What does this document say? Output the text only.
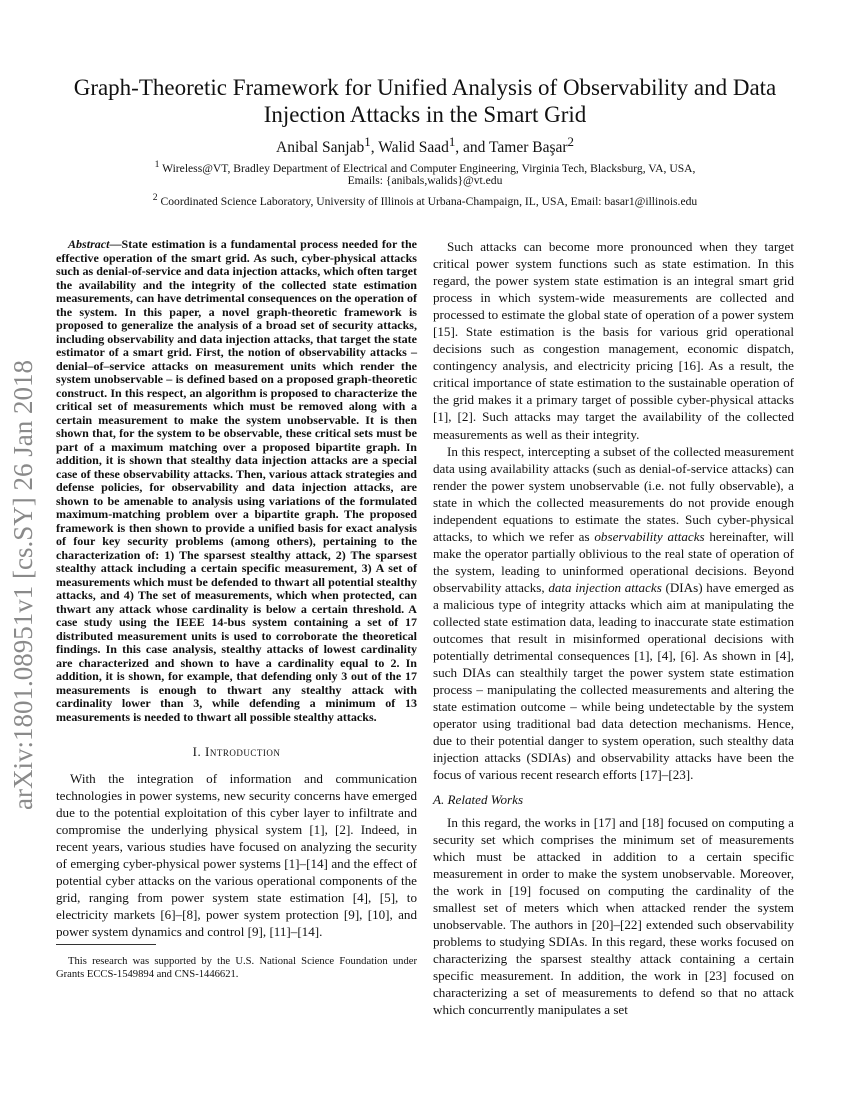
arXiv:1801.08951v1 [cs.SY] 26 Jan 2018
Graph-Theoretic Framework for Unified Analysis of Observability and Data
Injection Attacks in the Smart Grid
Anibal Sanjab$^1$, Walid Saad$^1$, and Tamer Başar$^2$
$^1$ Wireless@VT, Bradley Department of Electrical and Computer Engineering, Virginia Tech, Blacksburg, VA, USA,
Emails: {anibals,walids}@vt.edu
$^2$ Coordinated Science Laboratory, University of Illinois at Urbana-Champaign, IL, USA, Email: basar1@illinois.edu

Abstract—State estimation is a fundamental process needed for the effective operation of the smart grid. As such, cyber-physical attacks such as denial-of-service and data injection attacks, which often target the availability and the integrity of the collected state estimation measurements, can have detrimental consequences on the operation of the system. In this paper, a novel graph-theoretic framework is proposed to generalize the analysis of a broad set of security attacks, including observability and data injection attacks, that target the state estimator of a smart grid. First, the notion of observability attacks – denial–of–service attacks on measurement units which render the system unobservable – is defined based on a proposed graph-theoretic construct. In this respect, an algorithm is proposed to characterize the critical set of measurements which must be removed along with a certain measurement to make the system unobservable. It is then shown that, for the system to be observable, these critical sets must be part of a maximum matching over a proposed bipartite graph. In addition, it is shown that stealthy data injection attacks are a special case of these observability attacks. Then, various attack strategies and defense policies, for observability and data injection attacks, are shown to be amenable to analysis using variations of the formulated maximum-matching problem over a bipartite graph. The proposed framework is then shown to provide a unified basis for exact analysis of four key security problems (among others), pertaining to the characterization of: 1) The sparsest stealthy attack, 2) The sparsest stealthy attack including a certain specific measurement, 3) A set of measurements which must be defended to thwart all potential stealthy attacks, and 4) The set of measurements, which when protected, can thwart any attack whose cardinality is below a certain threshold. A case study using the IEEE 14-bus system containing a set of 17 distributed measurement units is used to corroborate the theoretical findings. In this case analysis, stealthy attacks of lowest cardinality are characterized and shown to have a cardinality equal to 2. In addition, it is shown, for example, that defending only 3 out of the 17 measurements is enough to thwart any stealthy attack with cardinality lower than 3, while defending a minimum of 13 measurements is needed to thwart all possible stealthy attacks.

I. Introduction

With the integration of information and communication technologies in power systems, new security concerns have emerged due to the potential exploitation of this cyber layer to infiltrate and compromise the underlying physical system [1], [2]. Indeed, in recent years, various studies have focused on analyzing the security of emerging cyber-physical power systems [1]–[14] and the effect of potential cyber attacks on the various operational components of the grid, ranging from power system state estimation [4], [5], to electricity markets [6]–[8], power system protection [9], [10], and power system dynamics and control [9], [11]–[14].

This research was supported by the U.S. National Science Foundation under Grants ECCS-1549894 and CNS-1446621.

Such attacks can become more pronounced when they target critical power system functions such as state estimation. In this regard, the power system state estimation is an integral smart grid process in which system-wide measurements are collected and processed to estimate the global state of operation of a power system [15]. State estimation is the basis for various grid operational decisions such as congestion management, economic dispatch, contingency analysis, and electricity pricing [16]. As a result, the critical importance of state estimation to the sustainable operation of the grid makes it a primary target of possible cyber-physical attacks [1], [2]. Such attacks may target the availability of the collected measurements as well as their integrity.

In this respect, intercepting a subset of the collected measurement data using availability attacks (such as denial-of-service attacks) can render the power system unobservable (i.e. not fully observable), a state in which the collected measurements do not provide enough independent equations to estimate the states. Such cyber-physical attacks, to which we refer as observability attacks hereinafter, will make the operator partially oblivious to the real state of operation of the system, leading to uninformed operational decisions. Beyond observability attacks, data injection attacks (DIAs) have emerged as a malicious type of integrity attacks which aim at manipulating the collected state estimation data, leading to inaccurate state estimation outcomes that result in misinformed operational decisions with potentially detrimental consequences [1], [4], [6]. As shown in [4], such DIAs can stealthily target the power system state estimation process – manipulating the collected measurements and altering the state estimation outcome – while being undetectable by the system operator using traditional bad data detection mechanisms. Hence, due to their potential danger to system operation, such stealthy data injection attacks (SDIAs) and observability attacks have been the focus of various recent research efforts [17]–[23].

A. Related Works

In this regard, the works in [17] and [18] focused on computing a security set which comprises the minimum set of measurements which must be attacked in addition to a certain specific measurement in order to make the system unobservable. Moreover, the work in [19] focused on computing the cardinality of the smallest set of meters which when attacked render the system unobservable. The authors in [20]–[22] extended such observability problems to studying SDIAs. In this regard, these works focused on characterizing the sparsest stealthy attack containing a certain specific measurement. In addition, the work in [23] focused on characterizing a set of measurements to defend so that no attack which concurrently manipulates a set
